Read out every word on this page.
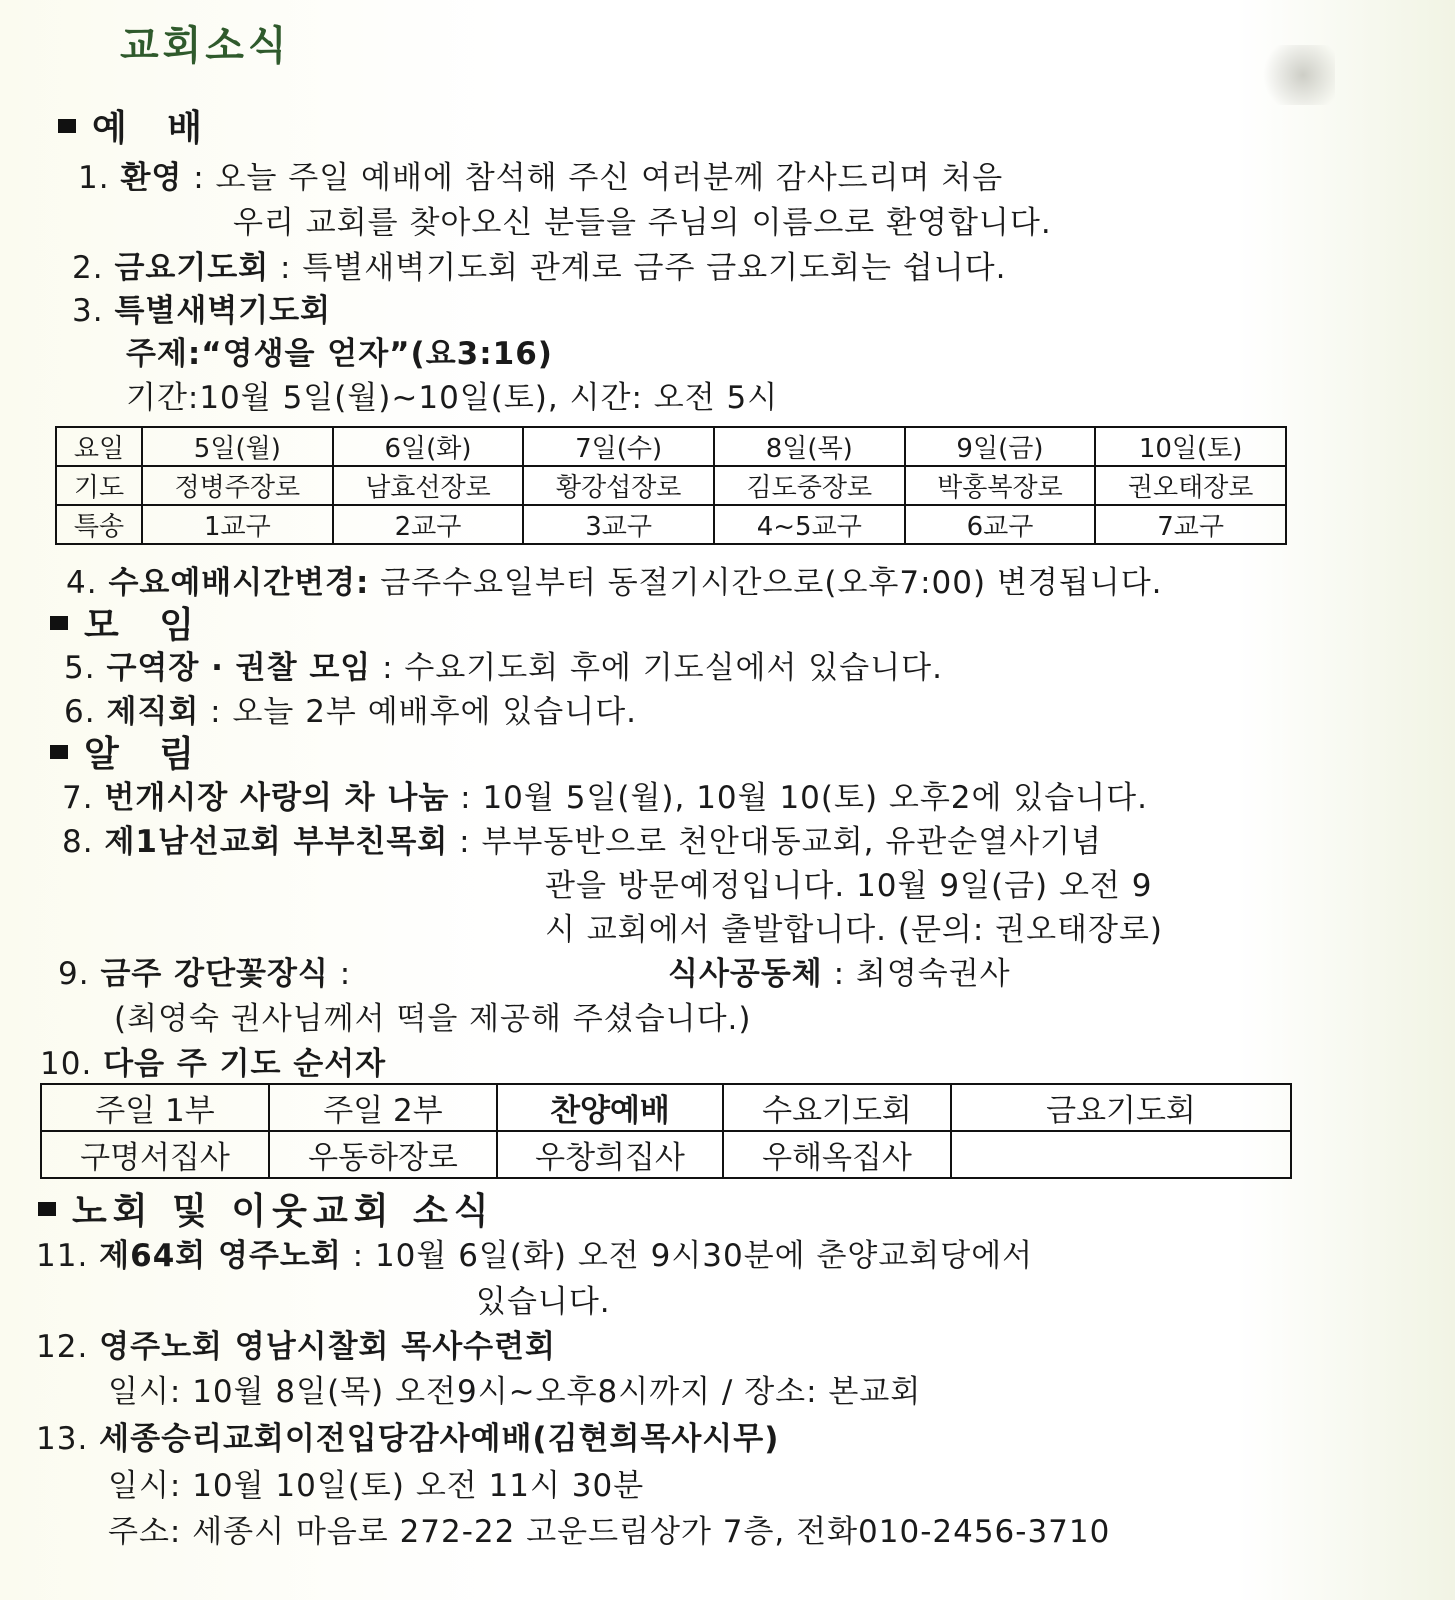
교회소식
예 배
1. 환영 : 오늘 주일 예배에 참석해 주신 여러분께 감사드리며 처음
우리 교회를 찾아오신 분들을 주님의 이름으로 환영합니다.
2. 금요기도회 : 특별새벽기도회 관계로 금주 금요기도회는 쉽니다.
3. 특별새벽기도회
주제:“영생을 얻자”(요3:16)
기간:10월 5일(월)~10일(토), 시간: 오전 5시
요일	5일(월)	6일(화)	7일(수)	8일(목)	9일(금)	10일(토)
기도	정병주장로	남효선장로	황강섭장로	김도중장로	박홍복장로	권오태장로
특송	1교구	2교구	3교구	4~5교구	6교구	7교구
4. 수요예배시간변경: 금주수요일부터 동절기시간으로(오후7:00) 변경됩니다.
모 임
5. 구역장 · 권찰 모임 : 수요기도회 후에 기도실에서 있습니다.
6. 제직회 : 오늘 2부 예배후에 있습니다.
알 림
7. 번개시장 사랑의 차 나눔 : 10월 5일(월), 10월 10(토) 오후2에 있습니다.
8. 제1남선교회 부부친목회 : 부부동반으로 천안대동교회, 유관순열사기념
관을 방문예정입니다. 10월 9일(금) 오전 9
시 교회에서 출발합니다. (문의: 권오태장로)
9. 금주 강단꽃장식 :	식사공동체 : 최영숙권사
(최영숙 권사님께서 떡을 제공해 주셨습니다.)
10. 다음 주 기도 순서자
주일 1부	주일 2부	찬양예배	수요기도회	금요기도회
구명서집사	우동하장로	우창희집사	우해옥집사	
노회 및 이웃교회 소식
11. 제64회 영주노회 : 10월 6일(화) 오전 9시30분에 춘양교회당에서
있습니다.
12. 영주노회 영남시찰회 목사수련회
일시: 10월 8일(목) 오전9시~오후8시까지 / 장소: 본교회
13. 세종승리교회이전입당감사예배(김현희목사시무)
일시: 10월 10일(토) 오전 11시 30분
주소: 세종시 마음로 272-22 고운드림상가 7층, 전화010-2456-3710
